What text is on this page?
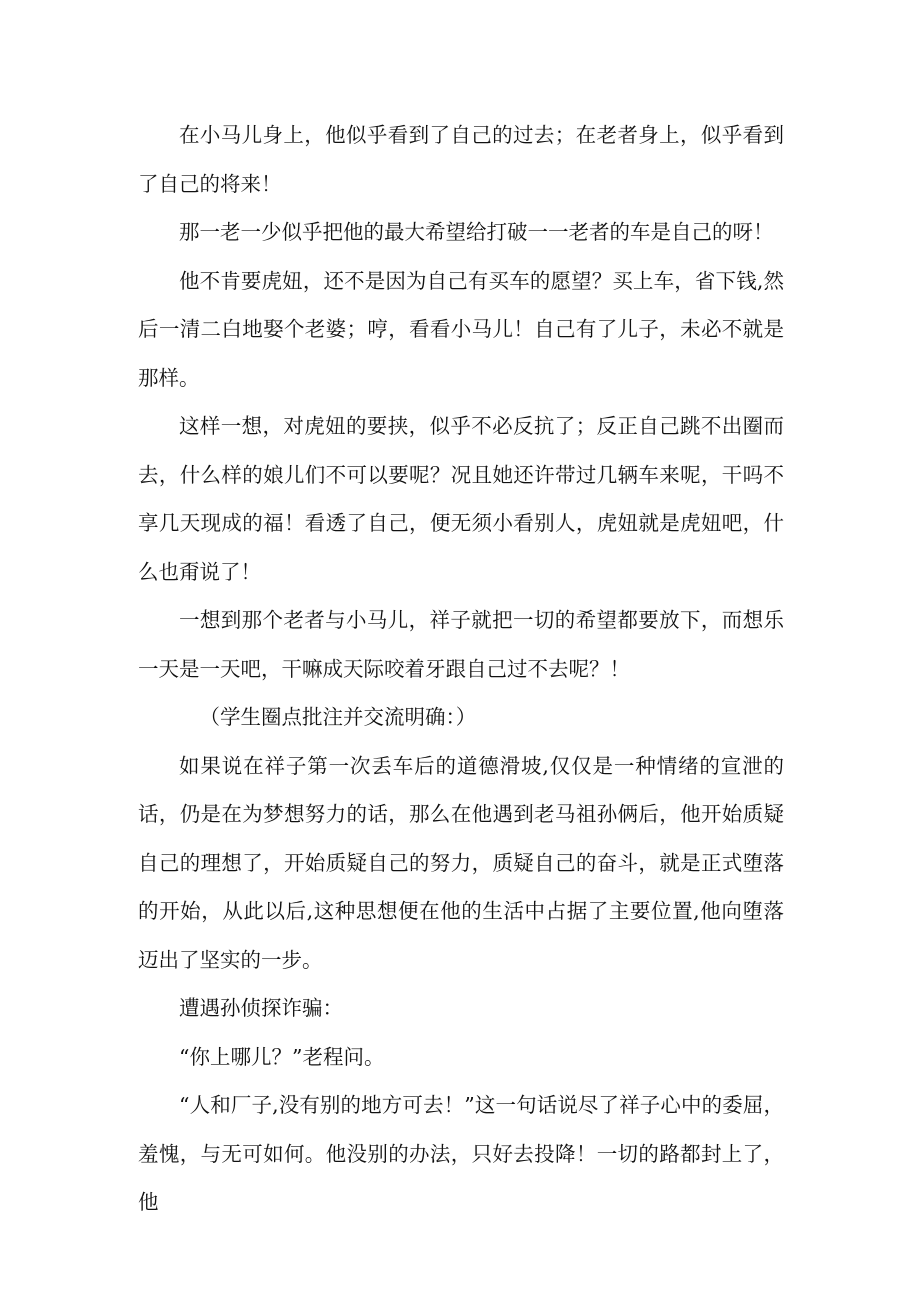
在小马儿身上，他似乎看到了自己的过去；在老者身上，似乎看到了自己的将来！

那一老一少似乎把他的最大希望给打破一一老者的车是自己的呀！

他不肯要虎妞，还不是因为自己有买车的愿望？买上车，省下钱,然后一清二白地娶个老婆；哼，看看小马儿！自己有了儿子，未必不就是那样。

这样一想，对虎妞的要挟，似乎不必反抗了；反正自己跳不出圈而去，什么样的娘儿们不可以要呢？况且她还许带过几辆车来呢，干吗不享几天现成的福！看透了自己，便无须小看别人，虎妞就是虎妞吧，什么也甭说了！

一想到那个老者与小马儿，祥子就把一切的希望都要放下，而想乐一天是一天吧，干嘛成天际咬着牙跟自己过不去呢？！

（学生圈点批注并交流明确：）

如果说在祥子第一次丢车后的道德滑坡,仅仅是一种情绪的宣泄的话，仍是在为梦想努力的话，那么在他遇到老马祖孙俩后，他开始质疑自己的理想了，开始质疑自己的努力，质疑自己的奋斗，就是正式堕落的开始，从此以后,这种思想便在他的生活中占据了主要位置,他向堕落迈出了坚实的一步。

遭遇孙侦探诈骗：

“你上哪儿？”老程问。

“人和厂子,没有别的地方可去！”这一句话说尽了祥子心中的委屈，羞愧，与无可如何。他没别的办法，只好去投降！一切的路都封上了，他
